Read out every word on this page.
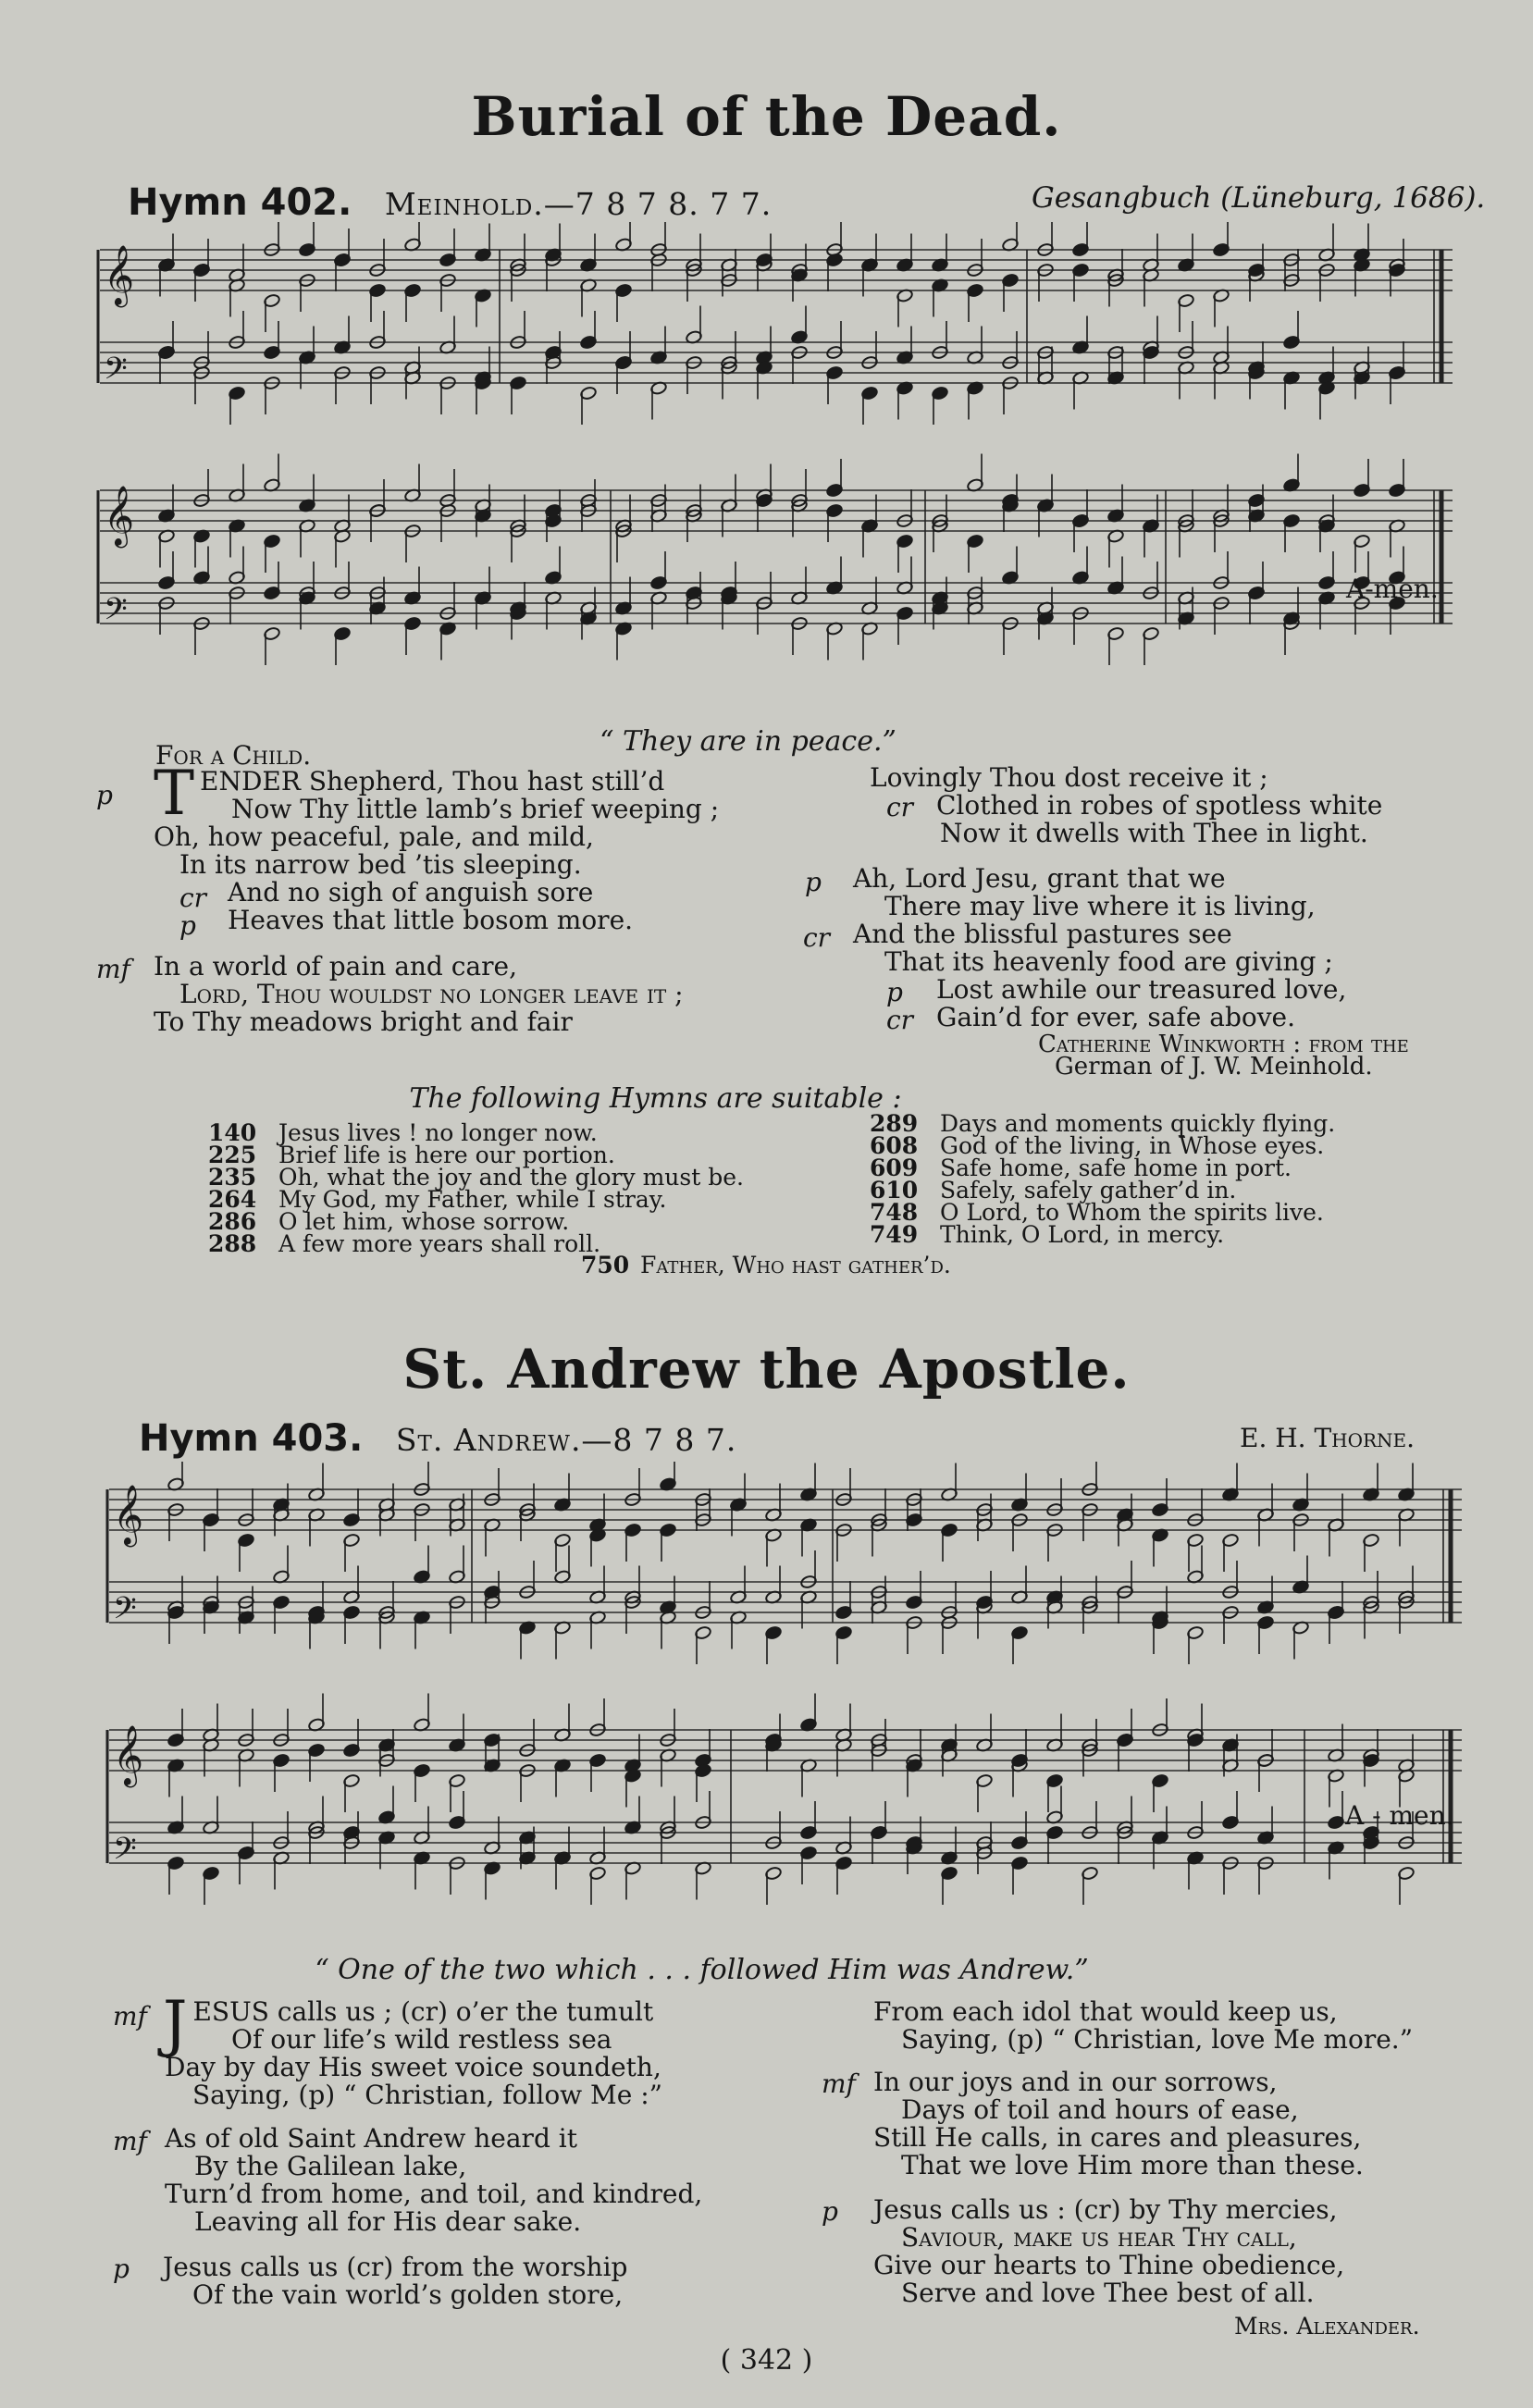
Burial of the Dead.
Hymn 402. Meinhold.—7 8 7 8. 7 7.	Gesangbuch (Lüneburg, 1686).
𝄞
𝄢
𝄞
𝄢
A-men.
For a Child.	“ They are in peace.”
p TENDER Shepherd, Thou hast still’d
Now Thy little lamb’s brief weeping ;
Oh, how peaceful, pale, and mild,
In its narrow bed ’tis sleeping.
And no sigh of anguish sore
Heaves that little bosom more.
cr
p
mf In a world of pain and care,
Lord, Thou wouldst no longer leave it ;
To Thy meadows bright and fair
Lovingly Thou dost receive it ;
Clothed in robes of spotless white
Now it dwells with Thee in light.
cr
Ah, Lord Jesu, grant that we
There may live where it is living,
And the blissful pastures see
That its heavenly food are giving ;
Lost awhile our treasured love,
Gain’d for ever, safe above.
p
cr
p
cr
Catherine Winkworth : from the
German of J. W. Meinhold.
The following Hymns are suitable :
140 Jesus lives ! no longer now.
225 Brief life is here our portion.
235 Oh, what the joy and the glory must be.
264 My God, my Father, while I stray.
286 O let him, whose sorrow.
288 A few more years shall roll.
289 Days and moments quickly flying.
608 God of the living, in Whose eyes.
609 Safe home, safe home in port.
610 Safely, safely gather’d in.
748 O Lord, to Whom the spirits live.
749 Think, O Lord, in mercy.
750 Father, Who hast gather’d.
St. Andrew the Apostle.
Hymn 403. St. Andrew.—8 7 8 7.	E. H. Thorne.
𝄞
𝄢
𝄞
𝄢
A - men.
“ One of the two which . . . followed Him was Andrew.”
mf JESUS calls us ; (cr) o’er the tumult
Of our life’s wild restless sea
Day by day His sweet voice soundeth,
Saying, (p) “ Christian, follow Me :”
mf As of old Saint Andrew heard it
By the Galilean lake,
Turn’d from home, and toil, and kindred,
Leaving all for His dear sake.
p Jesus calls us (cr) from the worship
Of the vain world’s golden store,
From each idol that would keep us,
Saying, (p) “ Christian, love Me more.”
mf In our joys and in our sorrows,
Days of toil and hours of ease,
Still He calls, in cares and pleasures,
That we love Him more than these.
p Jesus calls us : (cr) by Thy mercies,
Saviour, make us hear Thy call,
Give our hearts to Thine obedience,
Serve and love Thee best of all.
Mrs. Alexander.
( 342 )
